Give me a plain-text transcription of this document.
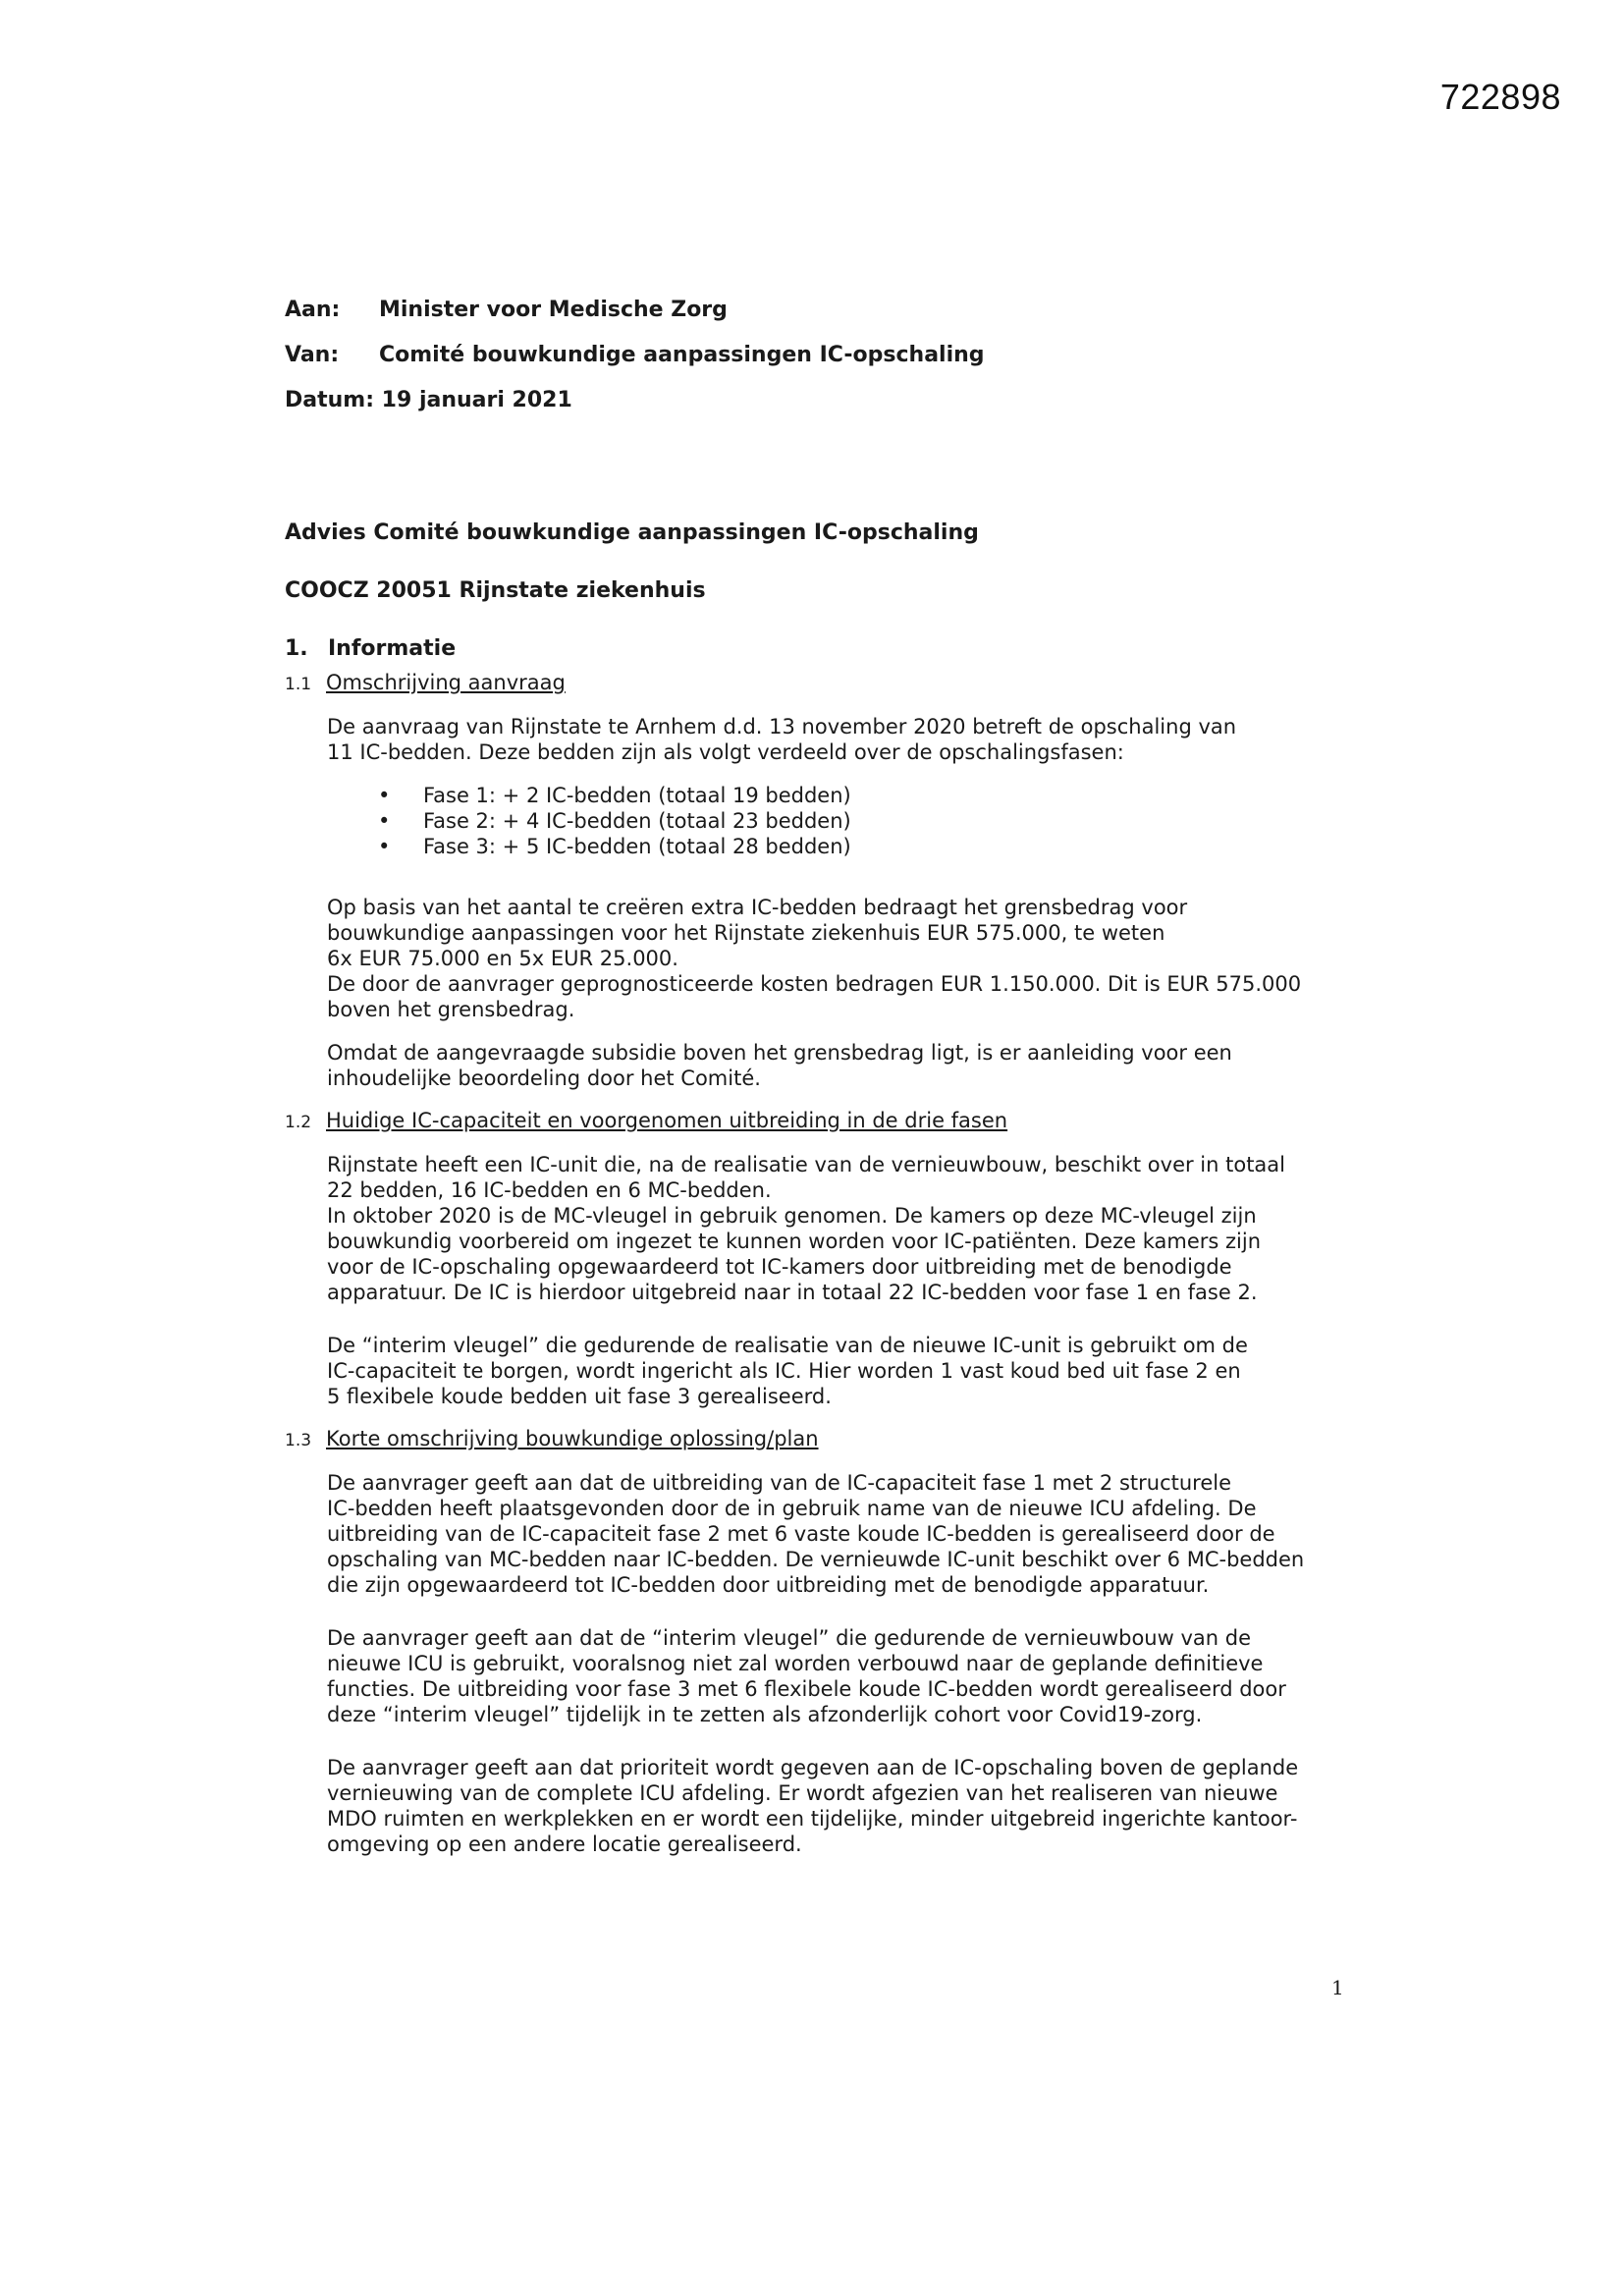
722898
Aan:	Minister voor Medische Zorg
Van:	Comité bouwkundige aanpassingen IC-opschaling
Datum: 19 januari 2021

Advies Comité bouwkundige aanpassingen IC-opschaling

COOCZ 20051 Rijnstate ziekenhuis

1. Informatie

1.1 Omschrijving aanvraag

De aanvraag van Rijnstate te Arnhem d.d. 13 november 2020 betreft de opschaling van
11 IC-bedden. Deze bedden zijn als volgt verdeeld over de opschalingsfasen:

•	Fase 1: + 2 IC-bedden (totaal 19 bedden)
•	Fase 2: + 4 IC-bedden (totaal 23 bedden)
•	Fase 3: + 5 IC-bedden (totaal 28 bedden)

Op basis van het aantal te creëren extra IC-bedden bedraagt het grensbedrag voor
bouwkundige aanpassingen voor het Rijnstate ziekenhuis EUR 575.000, te weten
6x EUR 75.000 en 5x EUR 25.000.
De door de aanvrager geprognosticeerde kosten bedragen EUR 1.150.000. Dit is EUR 575.000
boven het grensbedrag.

Omdat de aangevraagde subsidie boven het grensbedrag ligt, is er aanleiding voor een
inhoudelijke beoordeling door het Comité.

1.2 Huidige IC-capaciteit en voorgenomen uitbreiding in de drie fasen

Rijnstate heeft een IC-unit die, na de realisatie van de vernieuwbouw, beschikt over in totaal
22 bedden, 16 IC-bedden en 6 MC-bedden.
In oktober 2020 is de MC-vleugel in gebruik genomen. De kamers op deze MC-vleugel zijn
bouwkundig voorbereid om ingezet te kunnen worden voor IC-patiënten. Deze kamers zijn
voor de IC-opschaling opgewaardeerd tot IC-kamers door uitbreiding met de benodigde
apparatuur. De IC is hierdoor uitgebreid naar in totaal 22 IC-bedden voor fase 1 en fase 2.

De “interim vleugel” die gedurende de realisatie van de nieuwe IC-unit is gebruikt om de
IC-capaciteit te borgen, wordt ingericht als IC. Hier worden 1 vast koud bed uit fase 2 en
5 flexibele koude bedden uit fase 3 gerealiseerd.

1.3 Korte omschrijving bouwkundige oplossing/plan

De aanvrager geeft aan dat de uitbreiding van de IC-capaciteit fase 1 met 2 structurele
IC-bedden heeft plaatsgevonden door de in gebruik name van de nieuwe ICU afdeling. De
uitbreiding van de IC-capaciteit fase 2 met 6 vaste koude IC-bedden is gerealiseerd door de
opschaling van MC-bedden naar IC-bedden. De vernieuwde IC-unit beschikt over 6 MC-bedden
die zijn opgewaardeerd tot IC-bedden door uitbreiding met de benodigde apparatuur.

De aanvrager geeft aan dat de “interim vleugel” die gedurende de vernieuwbouw van de
nieuwe ICU is gebruikt, vooralsnog niet zal worden verbouwd naar de geplande definitieve
functies. De uitbreiding voor fase 3 met 6 flexibele koude IC-bedden wordt gerealiseerd door
deze “interim vleugel” tijdelijk in te zetten als afzonderlijk cohort voor Covid19-zorg.

De aanvrager geeft aan dat prioriteit wordt gegeven aan de IC-opschaling boven de geplande
vernieuwing van de complete ICU afdeling. Er wordt afgezien van het realiseren van nieuwe
MDO ruimten en werkplekken en er wordt een tijdelijke, minder uitgebreid ingerichte kantoor-
omgeving op een andere locatie gerealiseerd.

1
